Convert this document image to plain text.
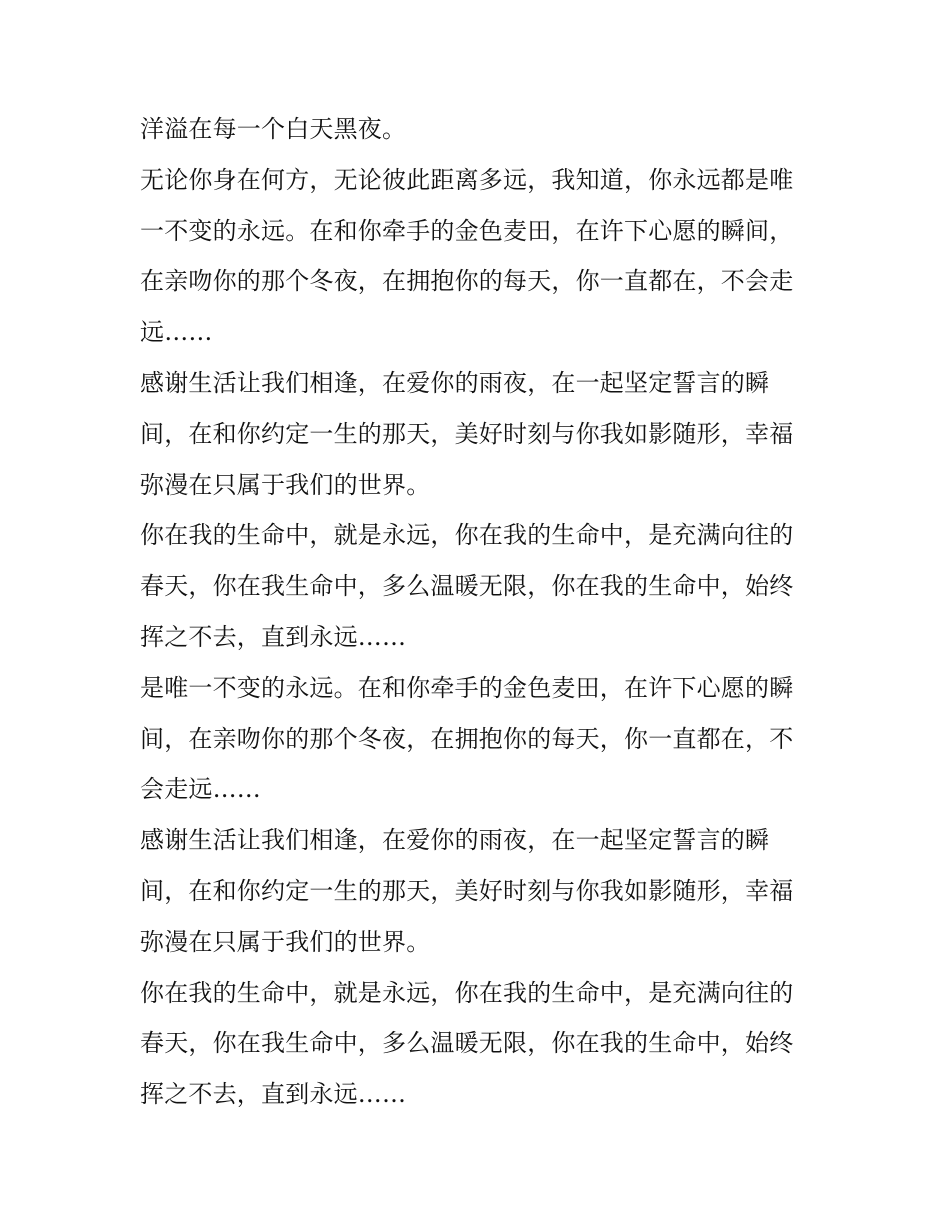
洋溢在每一个白天黑夜。
无论你身在何方，无论彼此距离多远，我知道，你永远都是唯
一不变的永远。在和你牵手的金色麦田，在许下心愿的瞬间，
在亲吻你的那个冬夜，在拥抱你的每天，你一直都在，不会走
远……
感谢生活让我们相逢，在爱你的雨夜，在一起坚定誓言的瞬
间，在和你约定一生的那天，美好时刻与你我如影随形，幸福
弥漫在只属于我们的世界。
你在我的生命中，就是永远，你在我的生命中，是充满向往的
春天，你在我生命中，多么温暖无限，你在我的生命中，始终
挥之不去，直到永远……
是唯一不变的永远。在和你牵手的金色麦田，在许下心愿的瞬
间，在亲吻你的那个冬夜，在拥抱你的每天，你一直都在，不
会走远……
感谢生活让我们相逢，在爱你的雨夜，在一起坚定誓言的瞬
间，在和你约定一生的那天，美好时刻与你我如影随形，幸福
弥漫在只属于我们的世界。
你在我的生命中，就是永远，你在我的生命中，是充满向往的
春天，你在我生命中，多么温暖无限，你在我的生命中，始终
挥之不去，直到永远……
